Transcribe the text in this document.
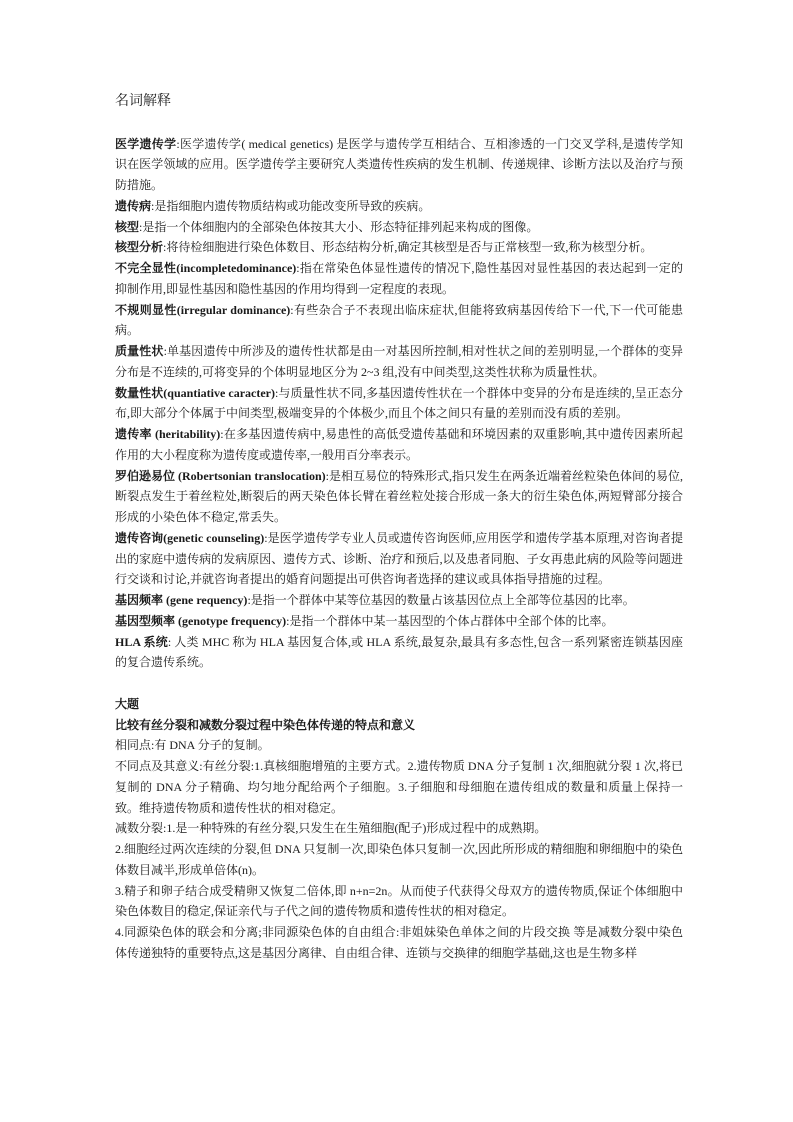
名词解释

医学遗传学:医学遗传学( medical genetics) 是医学与遗传学互相结合、互相渗透的一门交叉学科,是遗传学知识在医学领域的应用。医学遗传学主要研究人类遗传性疾病的发生机制、传递规律、诊断方法以及治疗与预防措施。

遗传病:是指细胞内遗传物质结构或功能改变所导致的疾病。

核型:是指一个体细胞内的全部染色体按其大小、形态特征排列起来构成的图像。

核型分析:将待检细胞进行染色体数目、形态结构分析,确定其核型是否与正常核型一致,称为核型分析。

不完全显性(incompletedominance):指在常染色体显性遗传的情况下,隐性基因对显性基因的表达起到一定的抑制作用,即显性基因和隐性基因的作用均得到一定程度的表现。

不规则显性(irregular dominance):有些杂合子不表现出临床症状,但能将致病基因传给下一代,下一代可能患病。

质量性状:单基因遗传中所涉及的遗传性状都是由一对基因所控制,相对性状之间的差别明显,一个群体的变异分布是不连续的,可将变异的个体明显地区分为 2~3 组,没有中间类型,这类性状称为质量性状。

数量性状(quantiative caracter):与质量性状不同,多基因遗传性状在一个群体中变异的分布是连续的,呈正态分布,即大部分个体属于中间类型,极端变异的个体极少,而且个体之间只有量的差别而没有质的差别。

遗传率 (heritability):在多基因遗传病中,易患性的高低受遗传基础和环境因素的双重影响,其中遗传因素所起作用的大小程度称为遗传度或遗传率,一般用百分率表示。

罗伯逊易位 (Robertsonian translocation):是相互易位的特殊形式,指只发生在两条近端着丝粒染色体间的易位,断裂点发生于着丝粒处,断裂后的两天染色体长臂在着丝粒处接合形成一条大的衍生染色体,两短臂部分接合形成的小染色体不稳定,常丢失。

遗传咨询(genetic counseling):是医学遗传学专业人员或遗传咨询医师,应用医学和遗传学基本原理,对咨询者提出的家庭中遗传病的发病原因、遗传方式、诊断、治疗和预后,以及患者同胞、子女再患此病的风险等问题进行交谈和讨论,并就咨询者提出的婚育问题提出可供咨询者选择的建议或具体指导措施的过程。

基因频率 (gene requency):是指一个群体中某等位基因的数量占该基因位点上全部等位基因的比率。

基因型频率 (genotype frequency):是指一个群体中某一基因型的个体占群体中全部个体的比率。

HLA 系统: 人类 MHC 称为 HLA 基因复合体,或 HLA 系统,最复杂,最具有多态性,包含一系列紧密连锁基因座的复合遗传系统。

大题
比较有丝分裂和减数分裂过程中染色体传递的特点和意义

相同点:有 DNA 分子的复制。

不同点及其意义:有丝分裂:1.真核细胞增殖的主要方式。2.遗传物质 DNA 分子复制 1 次,细胞就分裂 1 次,将已复制的 DNA 分子精确、均匀地分配给两个子细胞。3.子细胞和母细胞在遗传组成的数量和质量上保持一致。维持遗传物质和遗传性状的相对稳定。

减数分裂:1.是一种特殊的有丝分裂,只发生在生殖细胞(配子)形成过程中的成熟期。

2.细胞经过两次连续的分裂,但 DNA 只复制一次,即染色体只复制一次,因此所形成的精细胞和卵细胞中的染色体数目减半,形成单倍体(n)。

3.精子和卵子结合成受精卵又恢复二倍体,即 n+n=2n。从而使子代获得父母双方的遗传物质,保证个体细胞中染色体数目的稳定,保证亲代与子代之间的遗传物质和遗传性状的相对稳定。

4.同源染色体的联会和分离;非同源染色体的自由组合:非姐妹染色单体之间的片段交换 等是减数分裂中染色体传递独特的重要特点,这是基因分离律、自由组合律、连锁与交换律的细胞学基础,这也是生物多样
